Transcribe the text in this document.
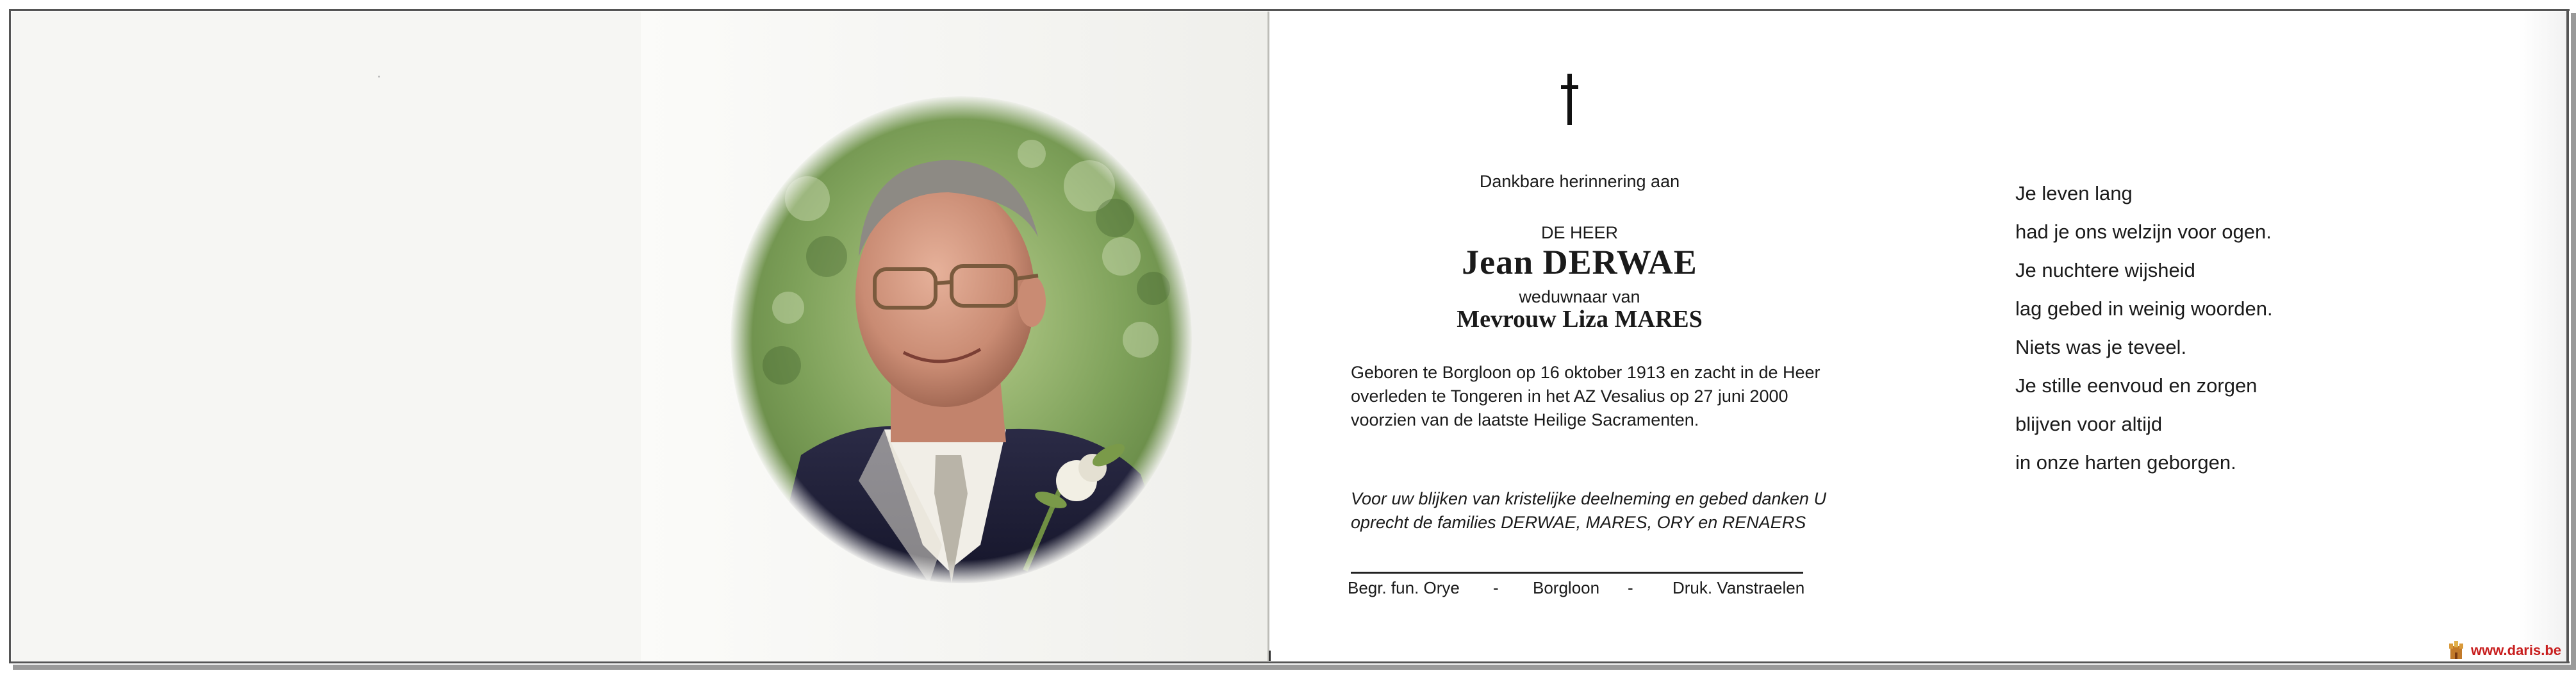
Dankbare herinnering aan
DE HEER
Jean DERWAE
weduwnaar van
Mevrouw Liza MARES
Geboren te Borgloon op 16 oktober 1913 en zacht in de Heer
overleden te Tongeren in het AZ Vesalius op 27 juni 2000
voorzien van de laatste Heilige Sacramenten.
Voor uw blijken van kristelijke deelneming en gebed danken U
oprecht de families DERWAE, MARES, ORY en RENAERS
Begr. fun. Orye - Borgloon - Druk. Vanstraelen
Je leven lang
had je ons welzijn voor ogen.
Je nuchtere wijsheid
lag gebed in weinig woorden.
Niets was je teveel.
Je stille eenvoud en zorgen
blijven voor altijd
in onze harten geborgen.
www.daris.be
